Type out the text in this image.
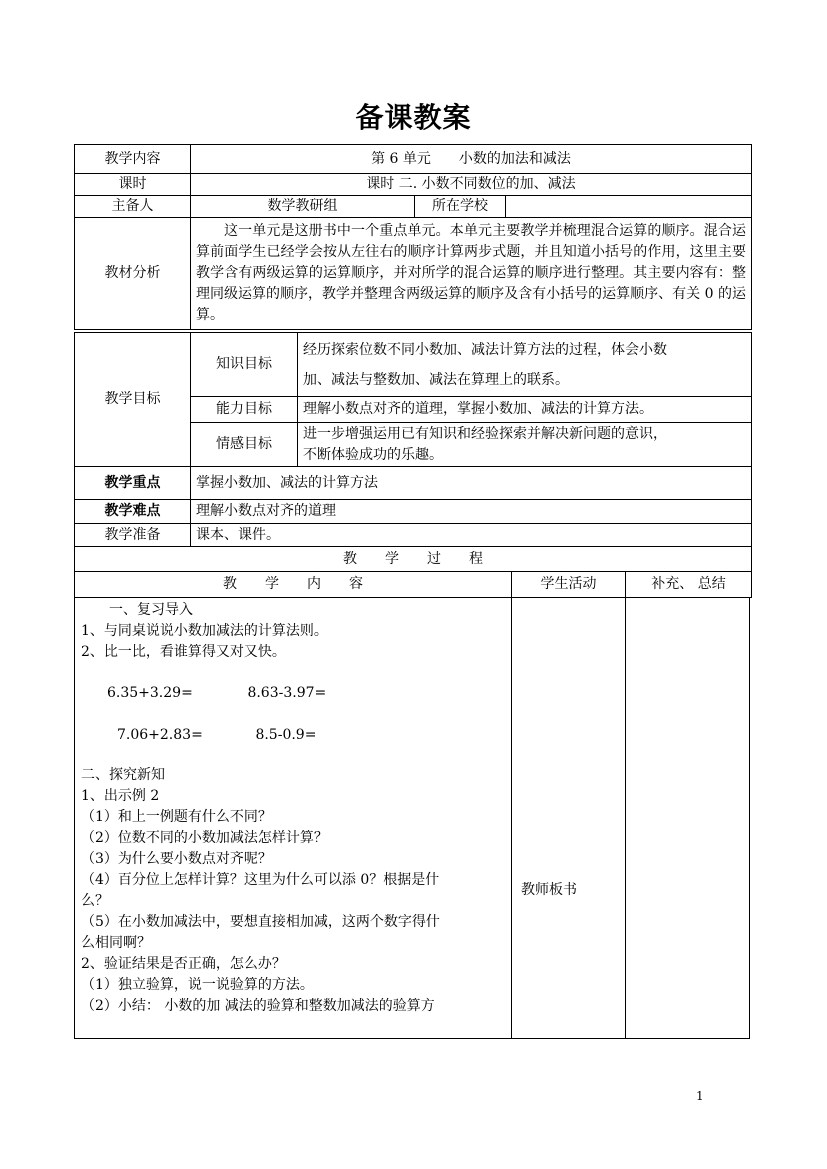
备课教案
教学内容	第 6 单元　　小数的加法和减法		
课时	课时 二. 小数不同数位的加、减法		
主备人	数学教研组	所在学校	
教材分析	这一单元是这册书中一个重点单元。本单元主要教学并梳理混合运算的顺序。混合运算前面学生已经学会按从左往右的顺序计算两步式题，并且知道小括号的作用，这里主要教学含有两级运算的运算顺序，并对所学的混合运算的顺序进行整理。其主要内容有：整理同级运算的顺序，教学并整理含两级运算的顺序及含有小括号的运算顺序、有关 0 的运算。		
教学目标	知识目标	经历探索位数不同小数加、减法计算方法的过程，体会小数
加、减法与整数加、减法在算理上的联系。

	能力目标	理解小数点对齐的道理，掌握小数加、减法的计算方法。
	情感目标	进一步增强运用已有知识和经验探索并解决新问题的意识，
不断体验成功的乐趣。

教学重点	掌握小数加、减法的计算方法	
教学难点	理解小数点对齐的道理	
教学准备	课本、课件。	
教　　学　　过　　程		
教　　学　　内　　容	学生活动	补充、 总结

一、复习导入

1、与同桌说说小数加减法的计算法则。

2、比一比，看谁算得又对又快。

6.35+3.29=	8.63-3.97=

7.06+2.83=	8.5-0.9=

二、探究新知

1、出示例 2

（1）和上一例题有什么不同？

（2）位数不同的小数加减法怎样计算？

（3）为什么要小数点对齐呢？

（4）百分位上怎样计算？这里为什么可以添 0？根据是什

么？

（5）在小数加减法中，要想直接相加减，这两个数字得什

么相同啊？

2、验证结果是否正确，怎么办？

（1）独立验算，说一说验算的方法。

（2）小结： 小数的加 减法的验算和整数加减法的验算方

	教师板书	
1
